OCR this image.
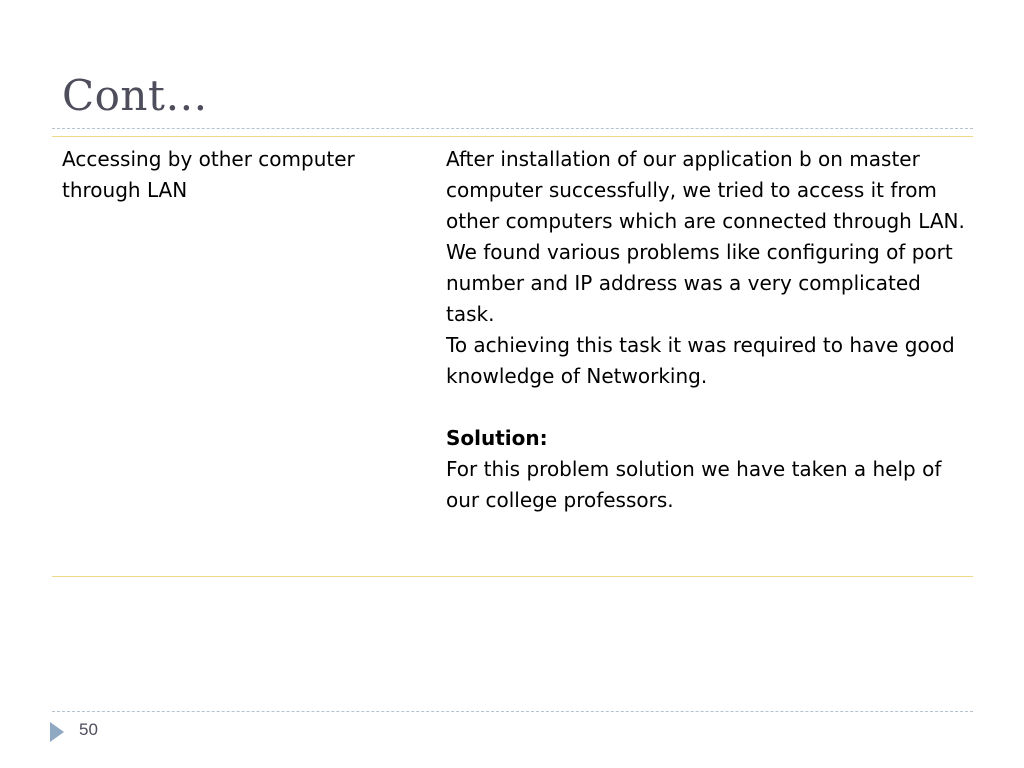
Cont…
Accessing by other computer through LAN
After installation of our application b on master computer successfully, we tried to access it from other computers which are connected through LAN.
We found various problems like configuring of port number and IP address was a very complicated task.
To achieving this task it was required to have good knowledge of Networking.
Solution:
For this problem solution we have taken a help of our college professors.
50
